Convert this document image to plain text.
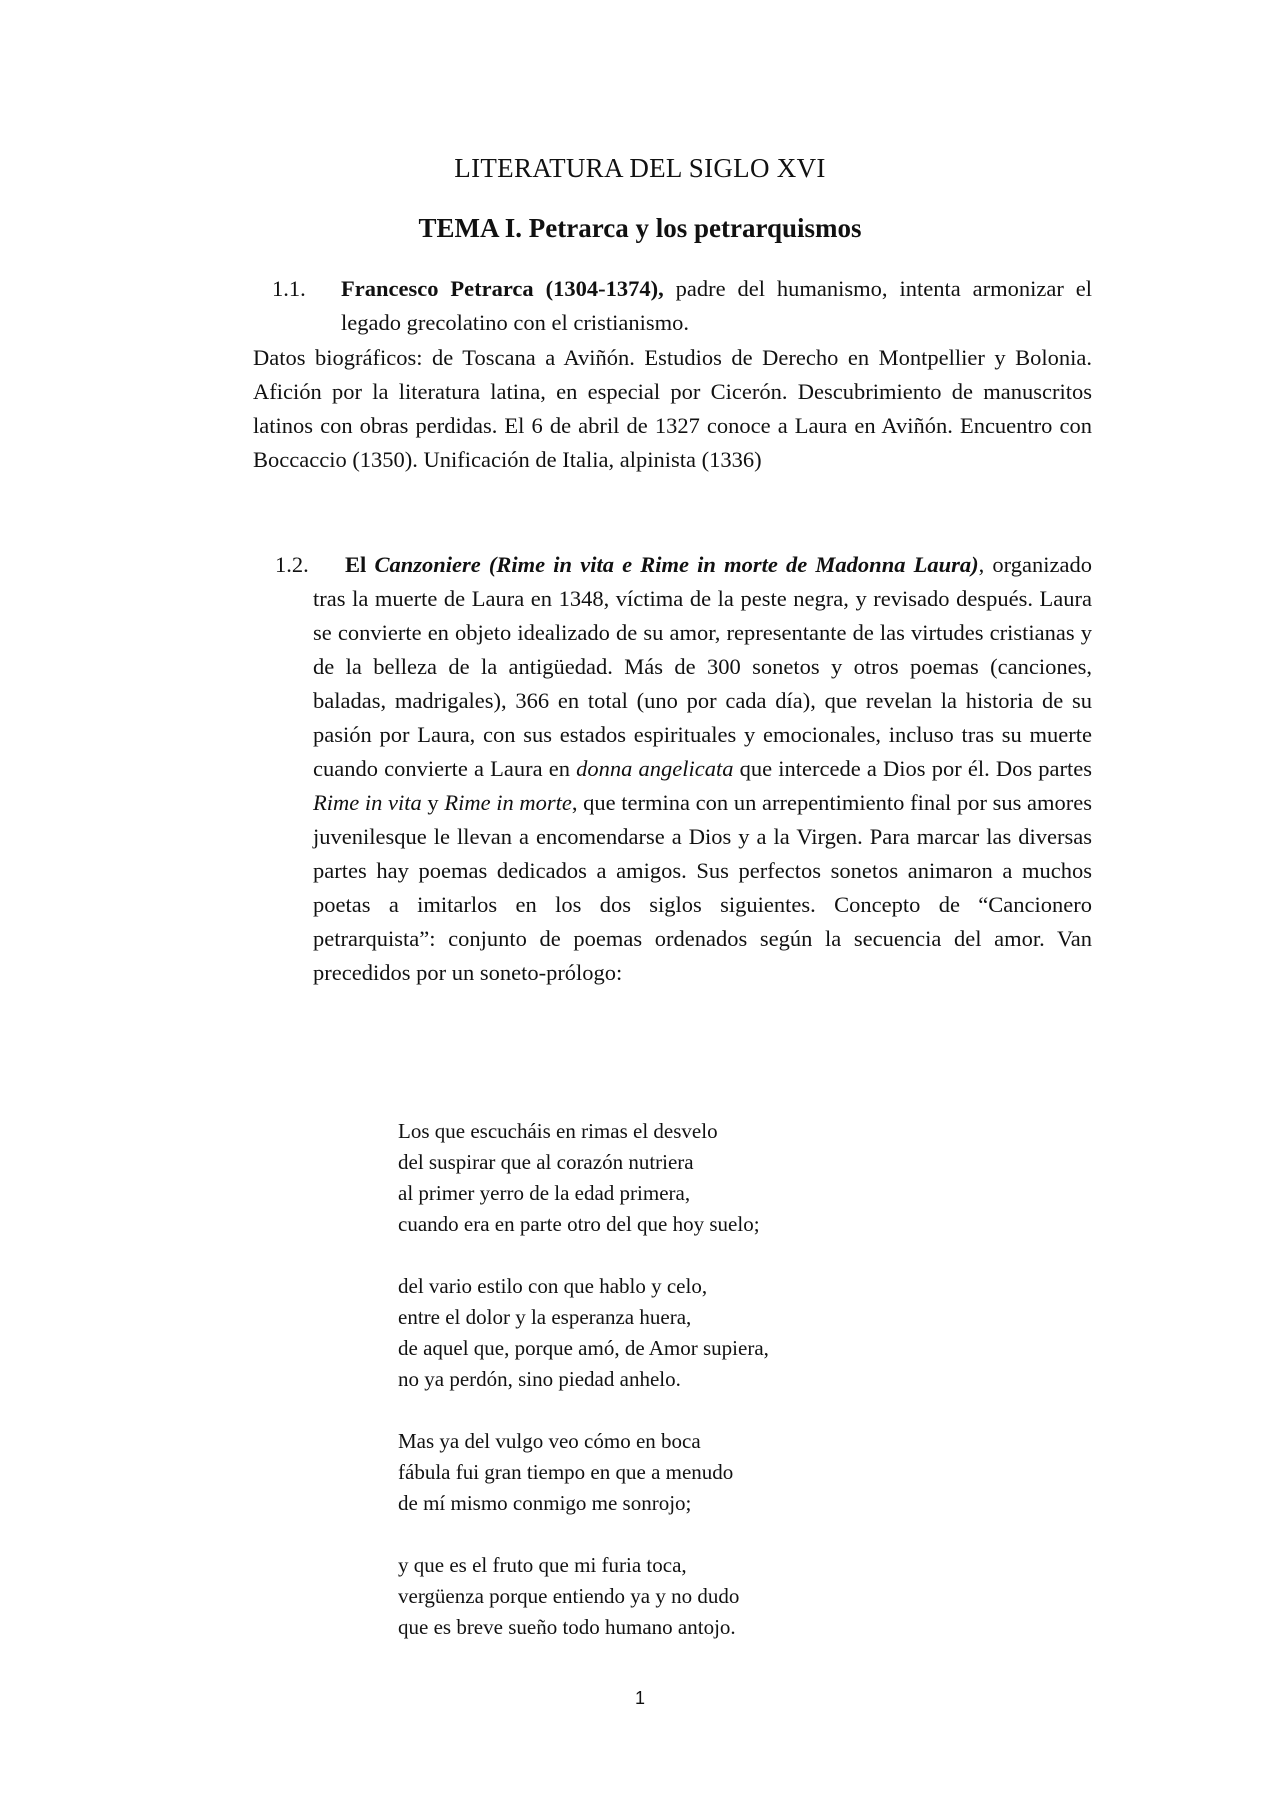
LITERATURA DEL SIGLO XVI
TEMA I. Petrarca y los petrarquismos
1.1.	Francesco Petrarca (1304-1374), padre del humanismo, intenta armonizar el legado grecolatino con el cristianismo.
Datos biográficos: de Toscana a Aviñón. Estudios de Derecho en Montpellier y Bolonia. Afición por la literatura latina, en especial por Cicerón. Descubrimiento de manuscritos latinos con obras perdidas. El 6 de abril de 1327 conoce a Laura en Aviñón. Encuentro con Boccaccio (1350). Unificación de Italia, alpinista (1336)
1.2.	El Canzoniere (Rime in vita e Rime in morte de Madonna Laura), organizado tras la muerte de Laura en 1348, víctima de la peste negra, y revisado después. Laura se convierte en objeto idealizado de su amor, representante de las virtudes cristianas y de la belleza de la antigüedad. Más de 300 sonetos y otros poemas (canciones, baladas, madrigales), 366 en total (uno por cada día), que revelan la historia de su pasión por Laura, con sus estados espirituales y emocionales, incluso tras su muerte cuando convierte a Laura en donna angelicata que intercede a Dios por él. Dos partes Rime in vita y Rime in morte, que termina con un arrepentimiento final por sus amores juvenilesque le llevan a encomendarse a Dios y a la Virgen. Para marcar las diversas partes hay poemas dedicados a amigos. Sus perfectos sonetos animaron a muchos poetas a imitarlos en los dos siglos siguientes. Concepto de “Cancionero petrarquista”: conjunto de poemas ordenados según la secuencia del amor. Van precedidos por un soneto-prólogo:
Los que escucháis en rimas el desvelo
del suspirar que al corazón nutriera
al primer yerro de la edad primera,
cuando era en parte otro del que hoy suelo;
del vario estilo con que hablo y celo,
entre el dolor y la esperanza huera,
de aquel que, porque amó, de Amor supiera,
no ya perdón, sino piedad anhelo.
Mas ya del vulgo veo cómo en boca
fábula fui gran tiempo en que a menudo
de mí mismo conmigo me sonrojo;
y que es el fruto que mi furia toca,
vergüenza porque entiendo ya y no dudo
que es breve sueño todo humano antojo.
1
